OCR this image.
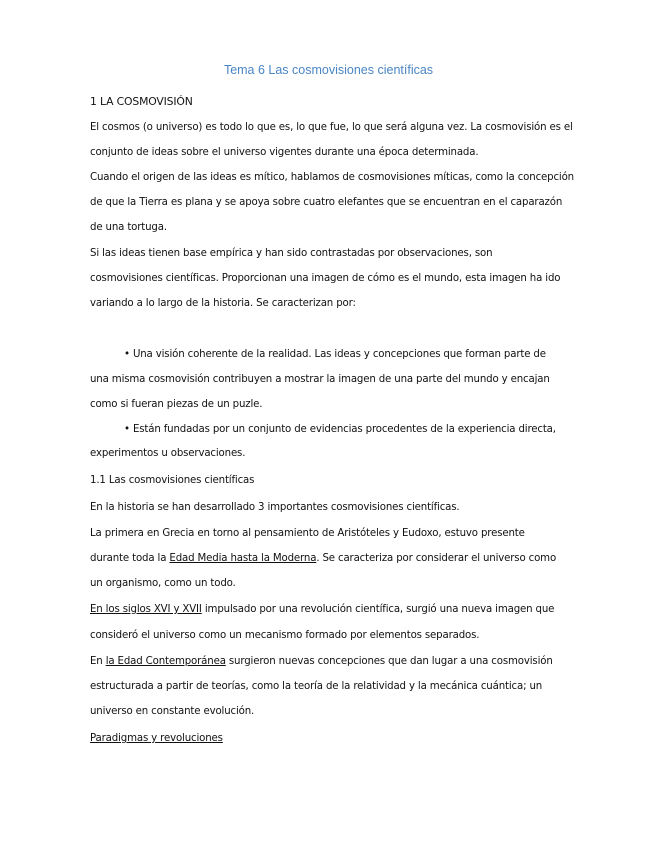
Tema 6 Las cosmovisiones científicas
1 LA COSMOVISIÓN
El cosmos (o universo) es todo lo que es, lo que fue, lo que será alguna vez. La cosmovisión es el
conjunto de ideas sobre el universo vigentes durante una época determinada.
Cuando el origen de las ideas es mítico, hablamos de cosmovisiones míticas, como la concepción
de que la Tierra es plana y se apoya sobre cuatro elefantes que se encuentran en el caparazón
de una tortuga.
Si las ideas tienen base empírica y han sido contrastadas por observaciones, son
cosmovisiones científicas. Proporcionan una imagen de cómo es el mundo, esta imagen ha ido
variando a lo largo de la historia. Se caracterizan por:
• Una visión coherente de la realidad. Las ideas y concepciones que forman parte de
una misma cosmovisión contribuyen a mostrar la imagen de una parte del mundo y encajan
como si fueran piezas de un puzle.
• Están fundadas por un conjunto de evidencias procedentes de la experiencia directa,
experimentos u observaciones.
1.1 Las cosmovisiones científicas
En la historia se han desarrollado 3 importantes cosmovisiones científicas.
La primera en Grecia en torno al pensamiento de Aristóteles y Eudoxo, estuvo presente
durante toda la Edad Media hasta la Moderna. Se caracteriza por considerar el universo como
un organismo, como un todo.
En los siglos XVI y XVII impulsado por una revolución científica, surgió una nueva imagen que
consideró el universo como un mecanismo formado por elementos separados.
En la Edad Contemporánea surgieron nuevas concepciones que dan lugar a una cosmovisión
estructurada a partir de teorías, como la teoría de la relatividad y la mecánica cuántica; un
universo en constante evolución.
Paradigmas y revoluciones
